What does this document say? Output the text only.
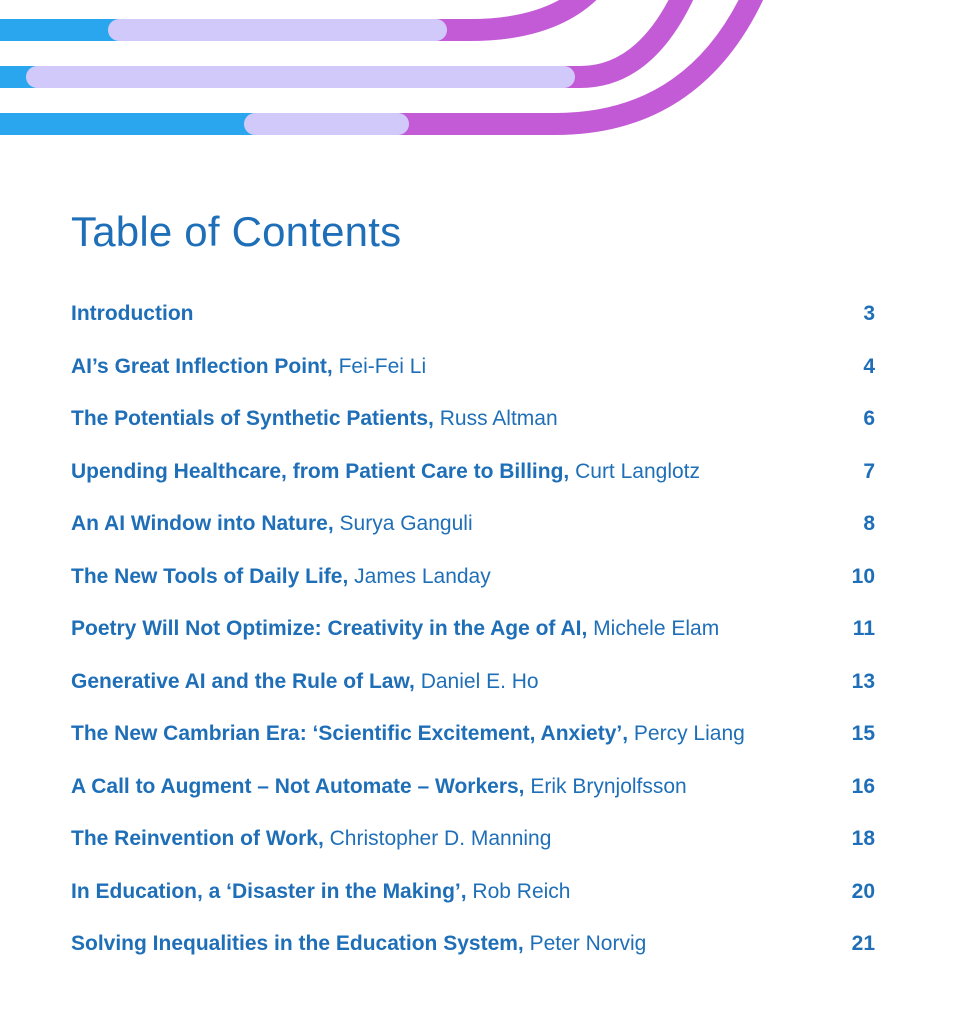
Table of Contents
Introduction	3
AI’s Great Inflection Point, Fei-Fei Li	4
The Potentials of Synthetic Patients, Russ Altman	6
Upending Healthcare, from Patient Care to Billing, Curt Langlotz	7
An AI Window into Nature, Surya Ganguli	8
The New Tools of Daily Life, James Landay	10
Poetry Will Not Optimize: Creativity in the Age of AI, Michele Elam	11
Generative AI and the Rule of Law, Daniel E. Ho	13
The New Cambrian Era: ‘Scientific Excitement, Anxiety’, Percy Liang	15
A Call to Augment – Not Automate – Workers, Erik Brynjolfsson	16
The Reinvention of Work, Christopher D. Manning	18
In Education, a ‘Disaster in the Making’, Rob Reich	20
Solving Inequalities in the Education System, Peter Norvig	21
